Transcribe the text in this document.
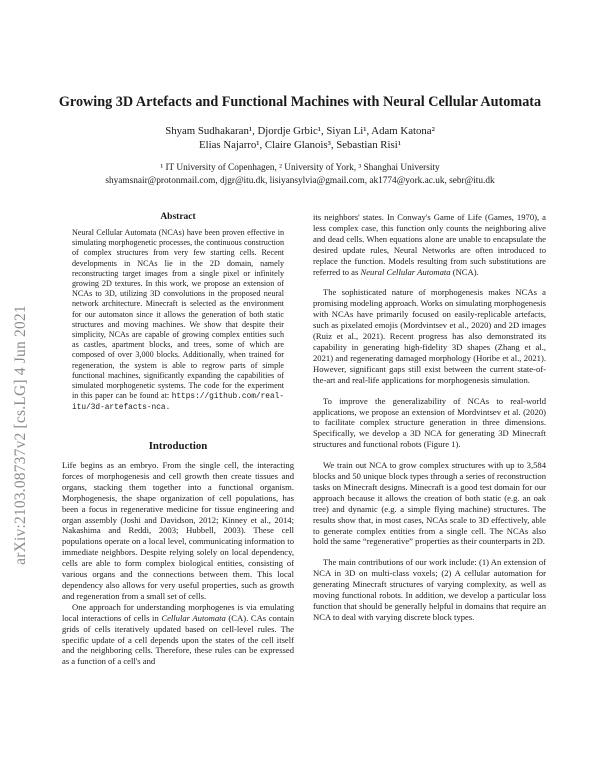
arXiv:2103.08737v2 [cs.LG] 4 Jun 2021
Growing 3D Artefacts and Functional Machines with Neural Cellular Automata
Shyam Sudhakaran¹, Djordje Grbic¹, Siyan Li¹, Adam Katona²
Elias Najarro¹, Claire Glanois³, Sebastian Risi¹
¹ IT University of Copenhagen, ² University of York, ³ Shanghai University
shyamsnair@protonmail.com, djgr@itu.dk, lisiyansylvia@gmail.com, ak1774@york.ac.uk, sebr@itu.dk
Abstract
Neural Cellular Automata (NCAs) have been proven effective in simulating morphogenetic processes, the continuous construction of complex structures from very few starting cells. Recent developments in NCAs lie in the 2D domain, namely reconstructing target images from a single pixel or infinitely growing 2D textures. In this work, we propose an extension of NCAs to 3D, utilizing 3D convolutions in the proposed neural network architecture. Minecraft is selected as the environment for our automaton since it allows the generation of both static structures and moving machines. We show that despite their simplicity, NCAs are capable of growing complex entities such as castles, apartment blocks, and trees, some of which are composed of over 3,000 blocks. Additionally, when trained for regeneration, the system is able to regrow parts of simple functional machines, significantly expanding the capabilities of simulated morphogenetic systems. The code for the experiment in this paper can be found at: https://github.com/real-itu/3d-artefacts-nca.
Introduction

Life begins as an embryo. From the single cell, the interacting forces of morphogenesis and cell growth then create tissues and organs, stacking them together into a functional organism. Morphogenesis, the shape organization of cell populations, has been a focus in regenerative medicine for tissue engineering and organ assembly (Joshi and Davidson, 2012; Kinney et al., 2014; Nakashima and Reddi, 2003; Hubbell, 2003). These cell populations operate on a local level, communicating information to immediate neighbors. Despite relying solely on local dependency, cells are able to form complex biological entities, consisting of various organs and the connections between them. This local dependency also allows for very useful properties, such as growth and regeneration from a small set of cells.

One approach for understanding morphogenes is via emulating local interactions of cells in Cellular Automata (CA). CAs contain grids of cells iteratively updated based on cell-level rules. The specific update of a cell depends upon the states of the cell itself and the neighboring cells. Therefore, these rules can be expressed as a function of a cell's and

its neighbors' states. In Conway's Game of Life (Games, 1970), a less complex case, this function only counts the neighboring alive and dead cells. When equations alone are unable to encapsulate the desired update rules, Neural Networks are often introduced to replace the function. Models resulting from such substitutions are referred to as Neural Cellular Automata (NCA).

The sophisticated nature of morphogenesis makes NCAs a promising modeling approach. Works on simulating morphogenesis with NCAs have primarily focused on easily-replicable artefacts, such as pixelated emojis (Mordvintsev et al., 2020) and 2D images (Ruiz et al., 2021). Recent progress has also demonstrated its capability in generating high-fidelity 3D shapes (Zhang et al., 2021) and regenerating damaged morphology (Horibe et al., 2021). However, significant gaps still exist between the current state-of-the-art and real-life applications for morphogenesis simulation.

To improve the generalizability of NCAs to real-world applications, we propose an extension of Mordvintsev et al. (2020) to facilitate complex structure generation in three dimensions. Specifically, we develop a 3D NCA for generating 3D Minecraft structures and functional robots (Figure 1).

We train out NCA to grow complex structures with up to 3,584 blocks and 50 unique block types through a series of reconstruction tasks on Minecraft designs. Minecraft is a good test domain for our approach because it allows the creation of both static (e.g. an oak tree) and dynamic (e.g. a simple flying machine) structures. The results show that, in most cases, NCAs scale to 3D effectively, able to generate complex entities from a single cell. The NCAs also hold the same “regenerative” properties as their counterparts in 2D.

The main contributions of our work include: (1) An extension of NCA in 3D on multi-class voxels; (2) A cellular automation for generating Minecraft structures of varying complexity, as well as moving functional robots. In addition, we develop a particular loss function that should be generally helpful in domains that require an NCA to deal with varying discrete block types.
